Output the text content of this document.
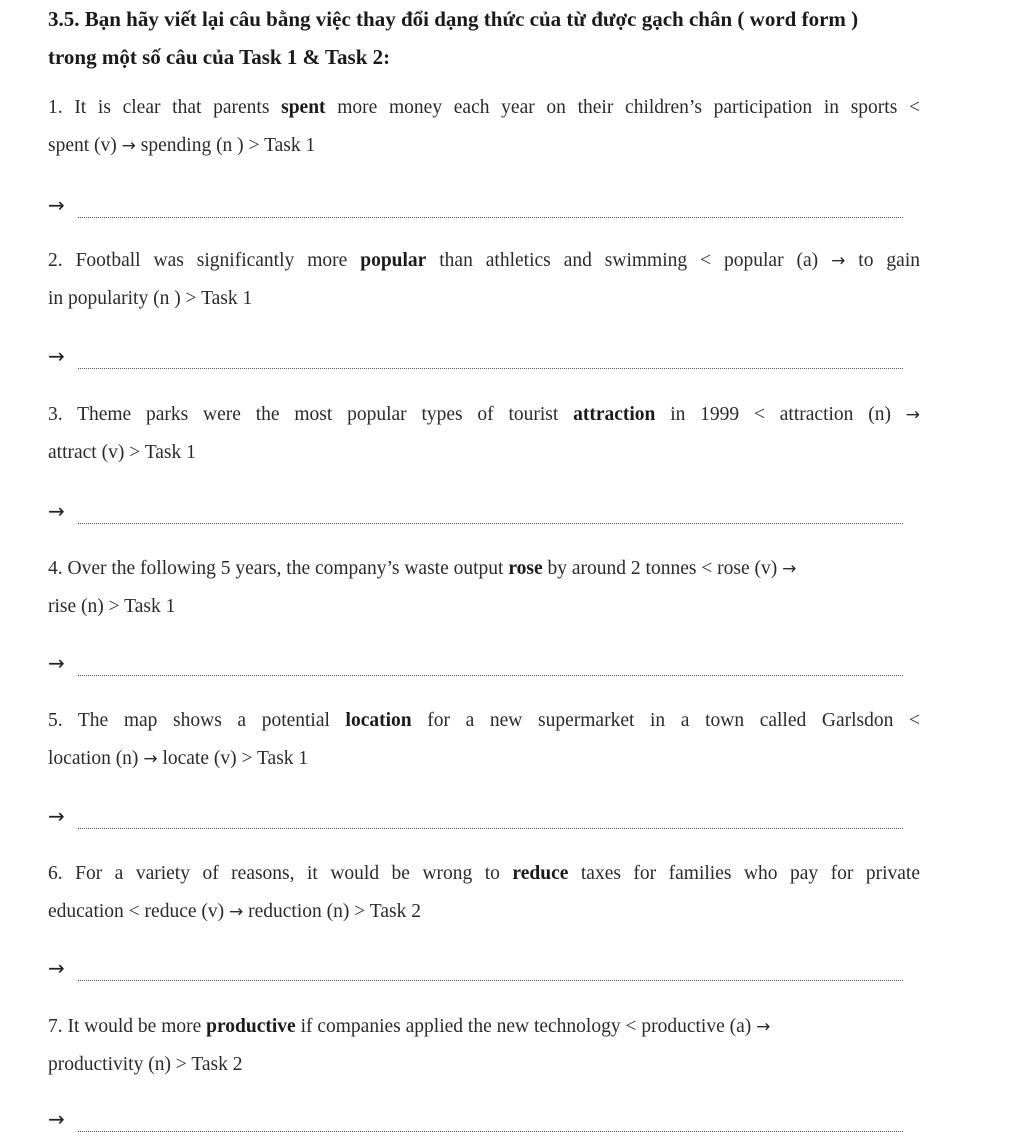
3.5. Bạn hãy viết lại câu bằng việc thay đổi dạng thức của từ được gạch chân ( word form )
trong một số câu của Task 1 & Task 2:
1. It is clear that parents spent more money each year on their children’s participation in sports <
spent (v) → spending (n ) > Task 1
→
2. Football was significantly more popular than athletics and swimming < popular (a) → to gain
in popularity (n ) > Task 1
→
3. Theme parks were the most popular types of tourist attraction in 1999 < attraction (n) →
attract (v) > Task 1
→
4. Over the following 5 years, the company’s waste output rose by around 2 tonnes < rose (v) →
rise (n) > Task 1
→
5. The map shows a potential location for a new supermarket in a town called Garlsdon <
location (n) → locate (v) > Task 1
→
6. For a variety of reasons, it would be wrong to reduce taxes for families who pay for private
education < reduce (v) → reduction (n) > Task 2
→
7. It would be more productive if companies applied the new technology < productive (a) →
productivity (n) > Task 2
→
